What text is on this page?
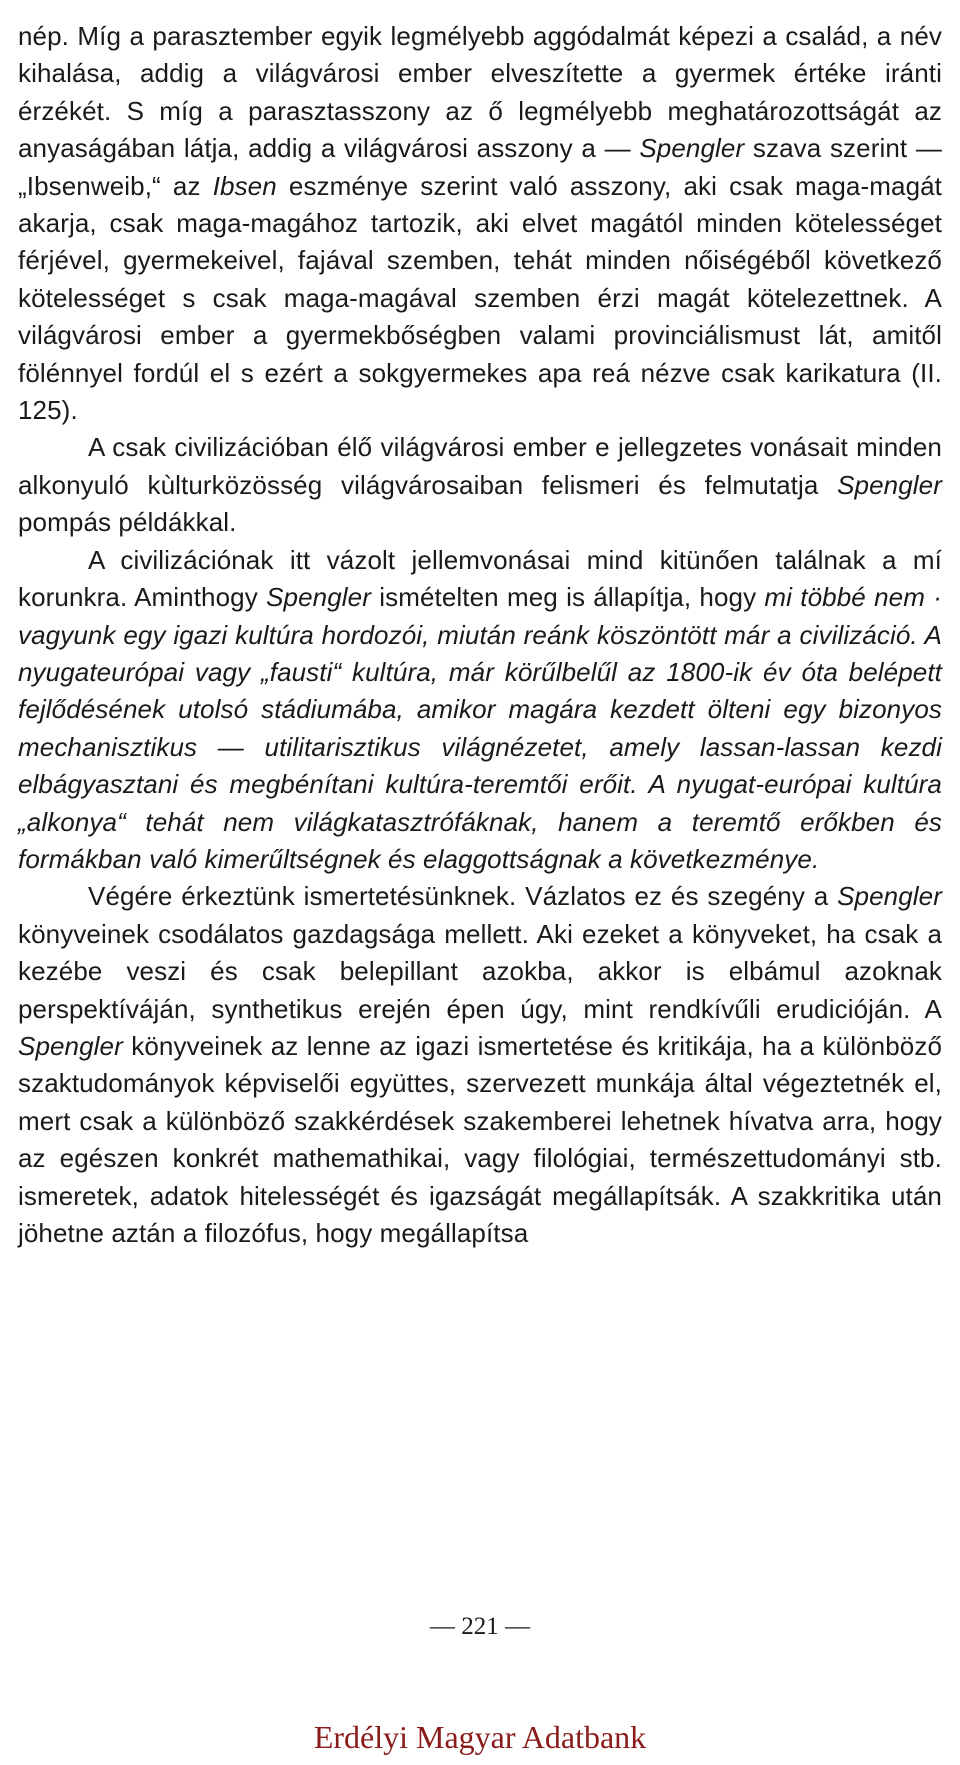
nép. Míg a parasztember egyik legmélyebb aggódalmát képezi a család, a név kihalása, addig a világvárosi ember elveszítette a gyermek értéke iránti érzékét. S míg a parasztasszony az ő legmélyebb meghatározottságát az anyaságában látja, addig a világvárosi asszony a — Spengler szava szerint — „Ibsenweib,“ az Ibsen eszménye szerint való asszony, aki csak maga-magát akarja, csak maga-magához tartozik, aki elvet magától minden kötelességet férjével, gyermekeivel, fajával szemben, tehát minden nőiségéből következő kötelességet s csak maga-magával szemben érzi magát kötelezettnek. A világvárosi ember a gyermekbőségben valami provinciálismust lát, amitől fölénnyel fordúl el s ezért a sokgyermekes apa reá nézve csak karikatura (II. 125).

A csak civilizációban élő világvárosi ember e jellegzetes vonásait minden alkonyuló kùlturközösség világvárosaiban felismeri és felmutatja Spengler pompás példákkal.

A civilizációnak itt vázolt jellemvonásai mind kitünően találnak a mí korunkra. Aminthogy Spengler ismételten meg is állapítja, hogy mi többé nem · vagyunk egy igazi kultúra hordozói, miután reánk köszöntött már a civilizáció. A nyugateurópai vagy „fausti“ kultúra, már körűlbelűl az 1800-ik év óta belépett fejlődésének utolsó stádiumába, amikor magára kezdett ölteni egy bizonyos mechanisztikus — utilitarisztikus világnézetet, amely lassan-lassan kezdi elbágyasztani és megbénítani kultúra-teremtői erőit. A nyugat-európai kultúra „alkonya“ tehát nem világkatasztrófáknak, hanem a teremtő erőkben és formákban való kimerűltségnek és elaggottságnak a következménye.

Végére érkeztünk ismertetésünknek. Vázlatos ez és szegény a Spengler könyveinek csodálatos gazdagsága mellett. Aki ezeket a könyveket, ha csak a kezébe veszi és csak belepillant azokba, akkor is elbámul azoknak perspektíváján, synthetikus erején épen úgy, mint rendkívűli erudicióján. A Spengler könyveinek az lenne az igazi ismertetése és kritikája, ha a különböző szaktudományok képviselői együttes, szervezett munkája által végeztetnék el, mert csak a különböző szakkérdések szakemberei lehetnek hívatva arra, hogy az egészen konkrét mathemathikai, vagy filológiai, természettudományi stb. ismeretek, adatok hitelességét és igazságát megállapítsák. A szakkritika után jöhetne aztán a filozófus, hogy megállapítsa

— 221 —
Erdélyi Magyar Adatbank
